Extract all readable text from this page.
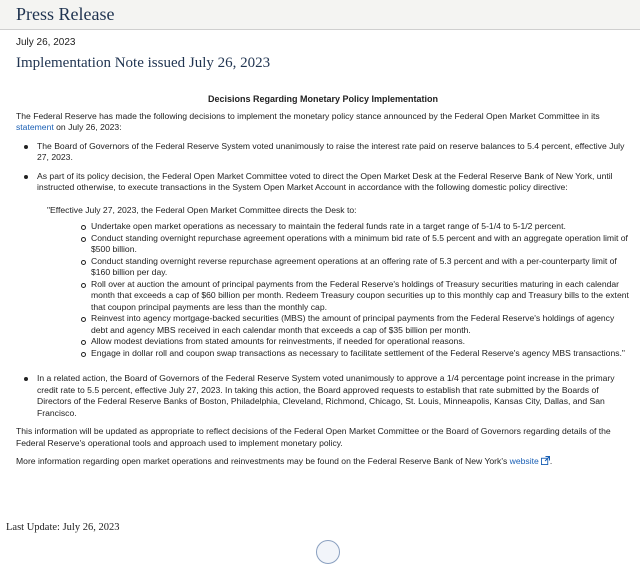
Press Release
July 26, 2023
Implementation Note issued July 26, 2023
Decisions Regarding Monetary Policy Implementation

The Federal Reserve has made the following decisions to implement the monetary policy stance announced by the Federal Open Market Committee in its
statement on July 26, 2023:

The Board of Governors of the Federal Reserve System voted unanimously to raise the interest rate paid on reserve balances to 5.4 percent, effective July 27, 2023.
As part of its policy decision, the Federal Open Market Committee voted to direct the Open Market Desk at the Federal Reserve Bank of New York, until instructed otherwise, to execute transactions in the System Open Market Account in accordance with the following domestic policy directive:

"Effective July 27, 2023, the Federal Open Market Committee directs the Desk to:

Undertake open market operations as necessary to maintain the federal funds rate in a target range of 5-1/4 to 5-1/2 percent.
Conduct standing overnight repurchase agreement operations with a minimum bid rate of 5.5 percent and with an aggregate operation limit of $500 billion.
Conduct standing overnight reverse repurchase agreement operations at an offering rate of 5.3 percent and with a per-counterparty limit of $160 billion per day.
Roll over at auction the amount of principal payments from the Federal Reserve's holdings of Treasury securities maturing in each calendar month that exceeds a cap of $60 billion per month. Redeem Treasury coupon securities up to this monthly cap and Treasury bills to the extent that coupon principal payments are less than the monthly cap.
Reinvest into agency mortgage-backed securities (MBS) the amount of principal payments from the Federal Reserve's holdings of agency debt and agency MBS received in each calendar month that exceeds a cap of $35 billion per month.
Allow modest deviations from stated amounts for reinvestments, if needed for operational reasons.
Engage in dollar roll and coupon swap transactions as necessary to facilitate settlement of the Federal Reserve's agency MBS transactions."
In a related action, the Board of Governors of the Federal Reserve System voted unanimously to approve a 1/4 percentage point increase in the primary credit rate to 5.5 percent, effective July 27, 2023. In taking this action, the Board approved requests to establish that rate submitted by the Boards of Directors of the Federal Reserve Banks of Boston, Philadelphia, Cleveland, Richmond, Chicago, St. Louis, Minneapolis, Kansas City, Dallas, and San Francisco.

This information will be updated as appropriate to reflect decisions of the Federal Open Market Committee or the Board of Governors regarding details of the Federal Reserve's operational tools and approach used to implement monetary policy.

More information regarding open market operations and reinvestments may be found on the Federal Reserve Bank of New York's website .

Last Update: July 26, 2023
